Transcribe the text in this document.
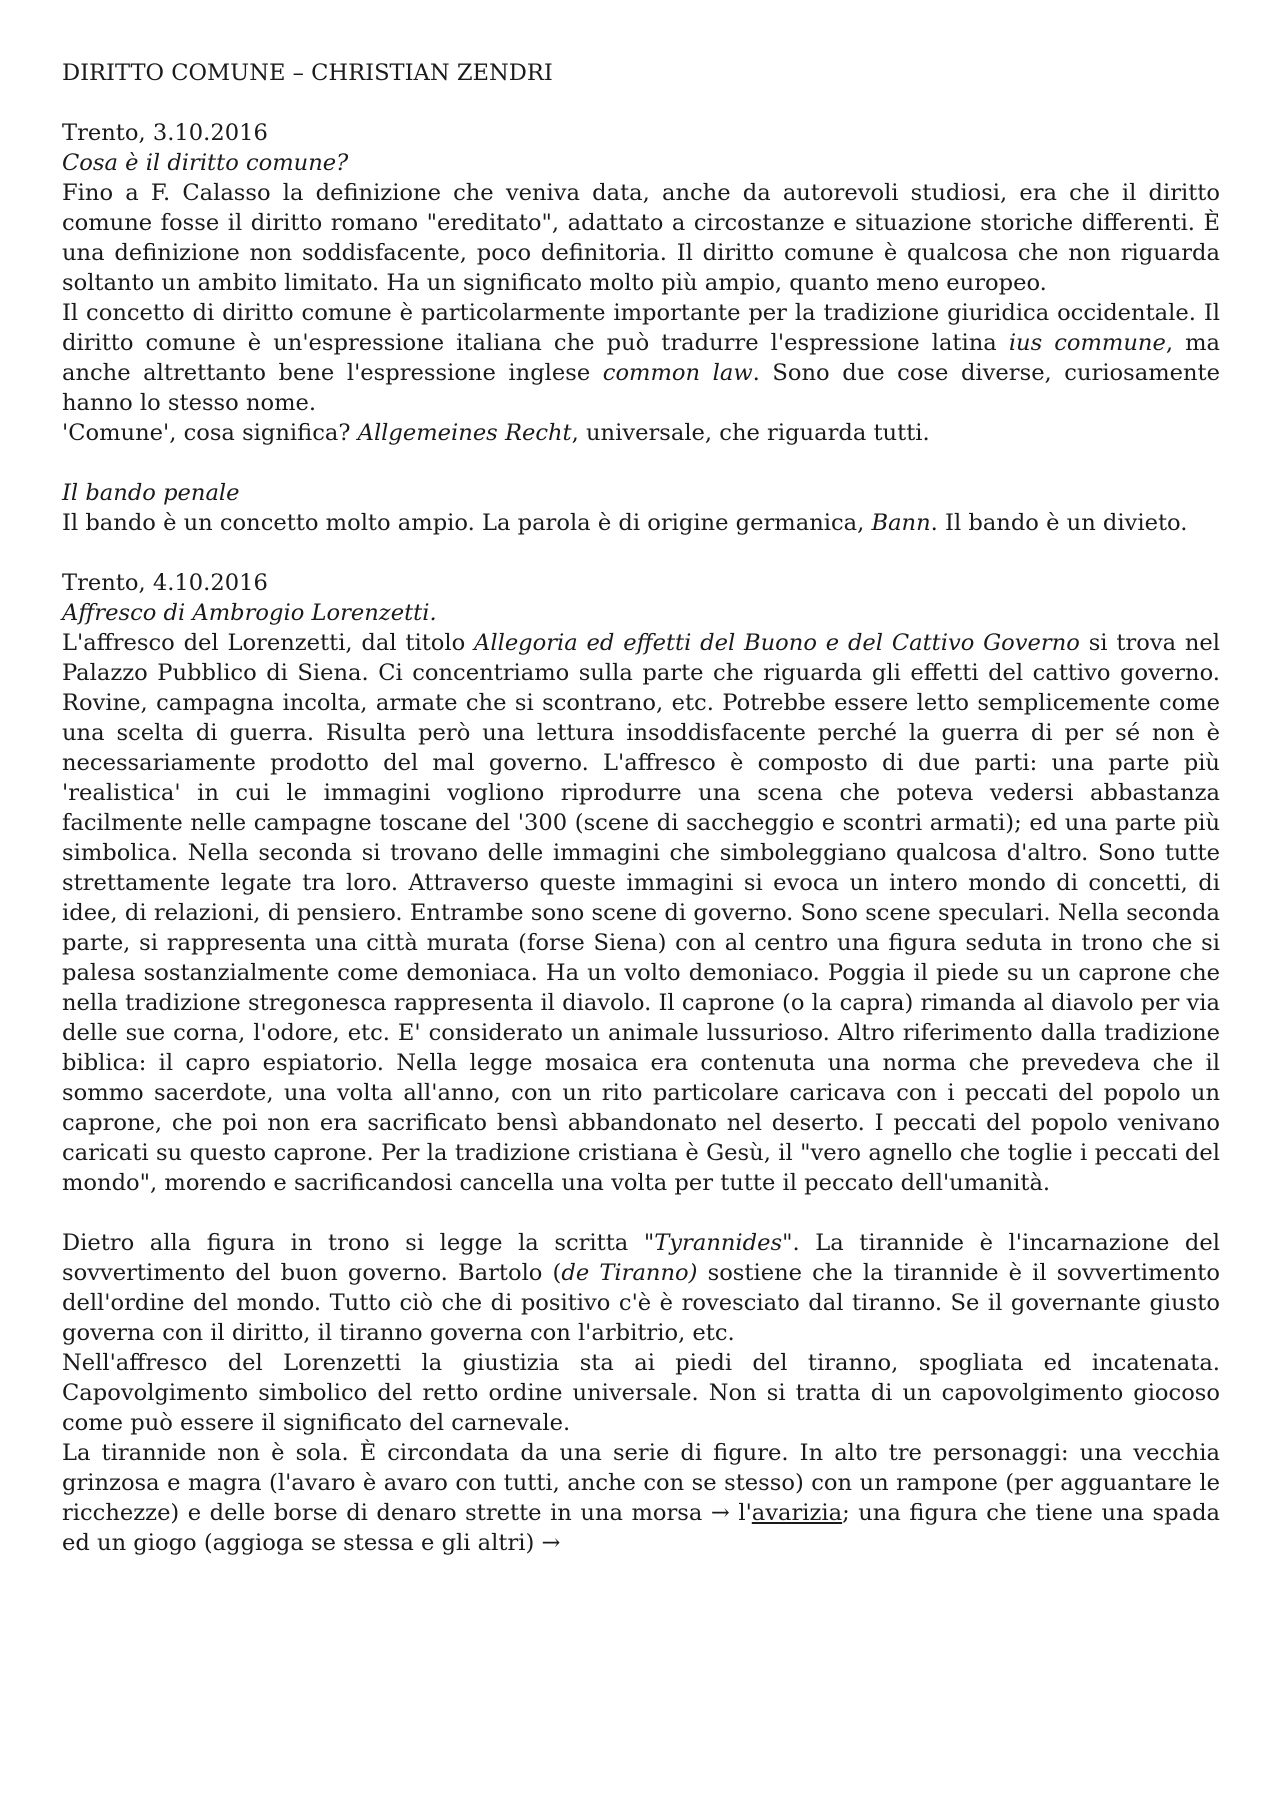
DIRITTO COMUNE – CHRISTIAN ZENDRI
Trento, 3.10.2016
Cosa è il diritto comune?

Fino a F. Calasso la definizione che veniva data, anche da autorevoli studiosi, era che il diritto comune fosse il diritto romano "ereditato", adattato a circostanze e situazione storiche differenti. È una definizione non soddisfacente, poco definitoria. Il diritto comune è qualcosa che non riguarda soltanto un ambito limitato. Ha un significato molto più ampio, quanto meno europeo.

Il concetto di diritto comune è particolarmente importante per la tradizione giuridica occidentale. Il diritto comune è un'espressione italiana che può tradurre l'espressione latina ius commune, ma anche altrettanto bene l'espressione inglese common law. Sono due cose diverse, curiosamente hanno lo stesso nome.

'Comune', cosa significa? Allgemeines Recht, universale, che riguarda tutti.

Il bando penale

Il bando è un concetto molto ampio. La parola è di origine germanica, Bann. Il bando è un divieto.

Trento, 4.10.2016
Affresco di Ambrogio Lorenzetti.

L'affresco del Lorenzetti, dal titolo Allegoria ed effetti del Buono e del Cattivo Governo si trova nel Palazzo Pubblico di Siena. Ci concentriamo sulla parte che riguarda gli effetti del cattivo governo. Rovine, campagna incolta, armate che si scontrano, etc. Potrebbe essere letto semplicemente come una scelta di guerra. Risulta però una lettura insoddisfacente perché la guerra di per sé non è necessariamente prodotto del mal governo. L'affresco è composto di due parti: una parte più 'realistica' in cui le immagini vogliono riprodurre una scena che poteva vedersi abbastanza facilmente nelle campagne toscane del '300 (scene di saccheggio e scontri armati); ed una parte più simbolica. Nella seconda si trovano delle immagini che simboleggiano qualcosa d'altro. Sono tutte strettamente legate tra loro. Attraverso queste immagini si evoca un intero mondo di concetti, di idee, di relazioni, di pensiero. Entrambe sono scene di governo. Sono scene speculari. Nella seconda parte, si rappresenta una città murata (forse Siena) con al centro una figura seduta in trono che si palesa sostanzialmente come demoniaca. Ha un volto demoniaco. Poggia il piede su un caprone che nella tradizione stregonesca rappresenta il diavolo. Il caprone (o la capra) rimanda al diavolo per via delle sue corna, l'odore, etc. E' considerato un animale lussurioso. Altro riferimento dalla tradizione biblica: il capro espiatorio. Nella legge mosaica era contenuta una norma che prevedeva che il sommo sacerdote, una volta all'anno, con un rito particolare caricava con i peccati del popolo un caprone, che poi non era sacrificato bensì abbandonato nel deserto. I peccati del popolo venivano caricati su questo caprone. Per la tradizione cristiana è Gesù, il "vero agnello che toglie i peccati del mondo", morendo e sacrificandosi cancella una volta per tutte il peccato dell'umanità.

Dietro alla figura in trono si legge la scritta "Tyrannides". La tirannide è l'incarnazione del sovvertimento del buon governo. Bartolo (de Tiranno) sostiene che la tirannide è il sovvertimento dell'ordine del mondo. Tutto ciò che di positivo c'è è rovesciato dal tiranno. Se il governante giusto governa con il diritto, il tiranno governa con l'arbitrio, etc.

Nell'affresco del Lorenzetti la giustizia sta ai piedi del tiranno, spogliata ed incatenata. Capovolgimento simbolico del retto ordine universale. Non si tratta di un capovolgimento giocoso come può essere il significato del carnevale.

La tirannide non è sola. È circondata da una serie di figure. In alto tre personaggi: una vecchia grinzosa e magra (l'avaro è avaro con tutti, anche con se stesso) con un rampone (per agguantare le ricchezze) e delle borse di denaro strette in una morsa → l'avarizia; una figura che tiene una spada ed un giogo (aggioga se stessa e gli altri) →
